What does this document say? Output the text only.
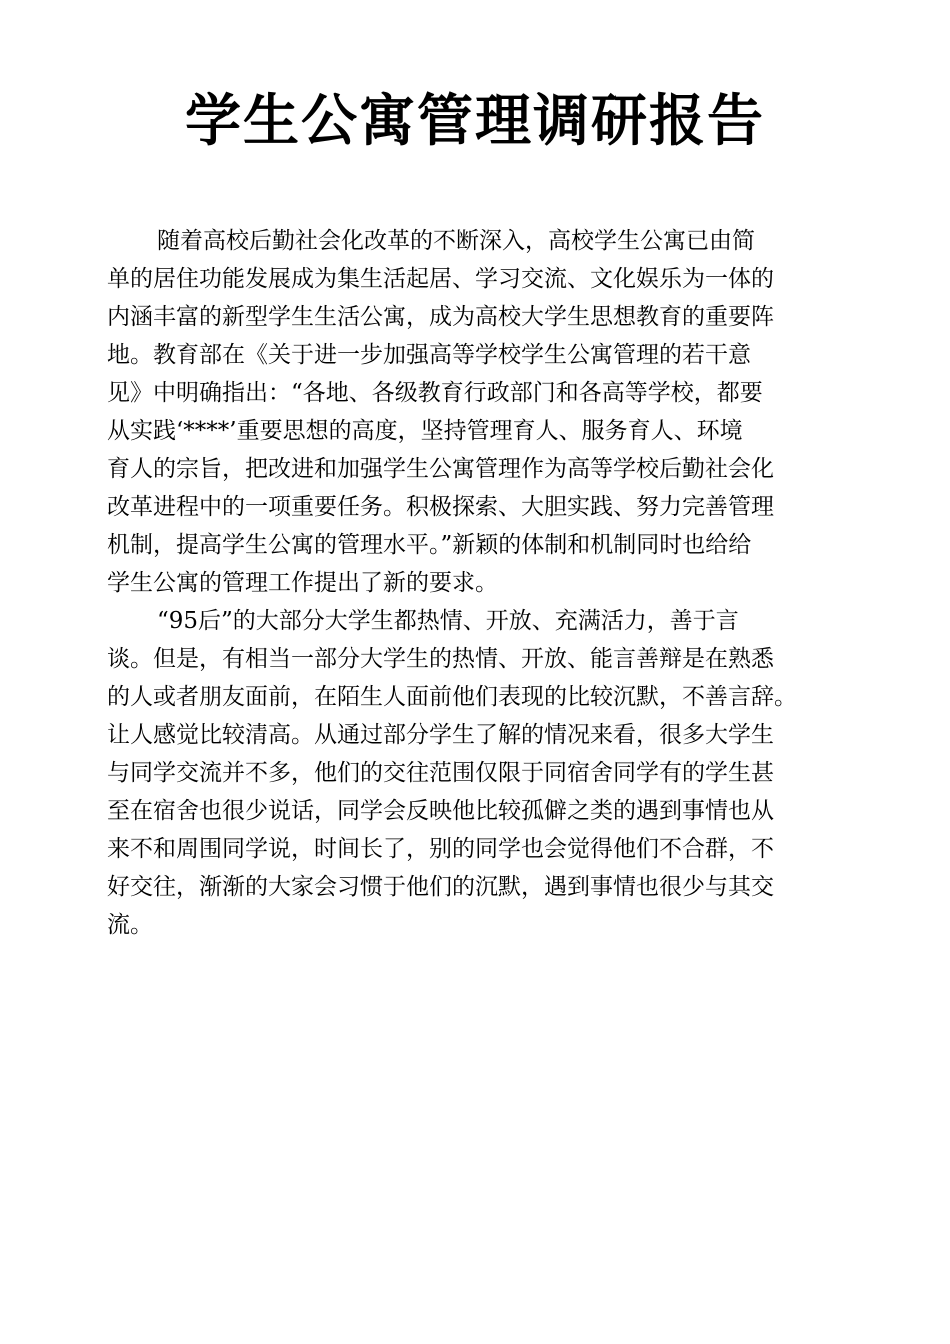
学生公寓管理调研报告
随着高校后勤社会化改革的不断深入，高校学生公寓已由简
单的居住功能发展成为集生活起居、学习交流、文化娱乐为一体的
内涵丰富的新型学生生活公寓，成为高校大学生思想教育的重要阵
地。教育部在《关于进一步加强高等学校学生公寓管理的若干意
见》中明确指出：“各地、各级教育行政部门和各高等学校，都要
从实践‘****’重要思想的高度，坚持管理育人、服务育人、环境
育人的宗旨，把改进和加强学生公寓管理作为高等学校后勤社会化
改革进程中的一项重要任务。积极探索、大胆实践、努力完善管理
机制，提高学生公寓的管理水平。”新颖的体制和机制同时也给给
学生公寓的管理工作提出了新的要求。
“95后”的大部分大学生都热情、开放、充满活力，善于言
谈。但是，有相当一部分大学生的热情、开放、能言善辩是在熟悉
的人或者朋友面前，在陌生人面前他们表现的比较沉默，不善言辞。
让人感觉比较清高。从通过部分学生了解的情况来看，很多大学生
与同学交流并不多，他们的交往范围仅限于同宿舍同学有的学生甚
至在宿舍也很少说话，同学会反映他比较孤僻之类的遇到事情也从
来不和周围同学说，时间长了，别的同学也会觉得他们不合群，不
好交往，渐渐的大家会习惯于他们的沉默，遇到事情也很少与其交
流。
